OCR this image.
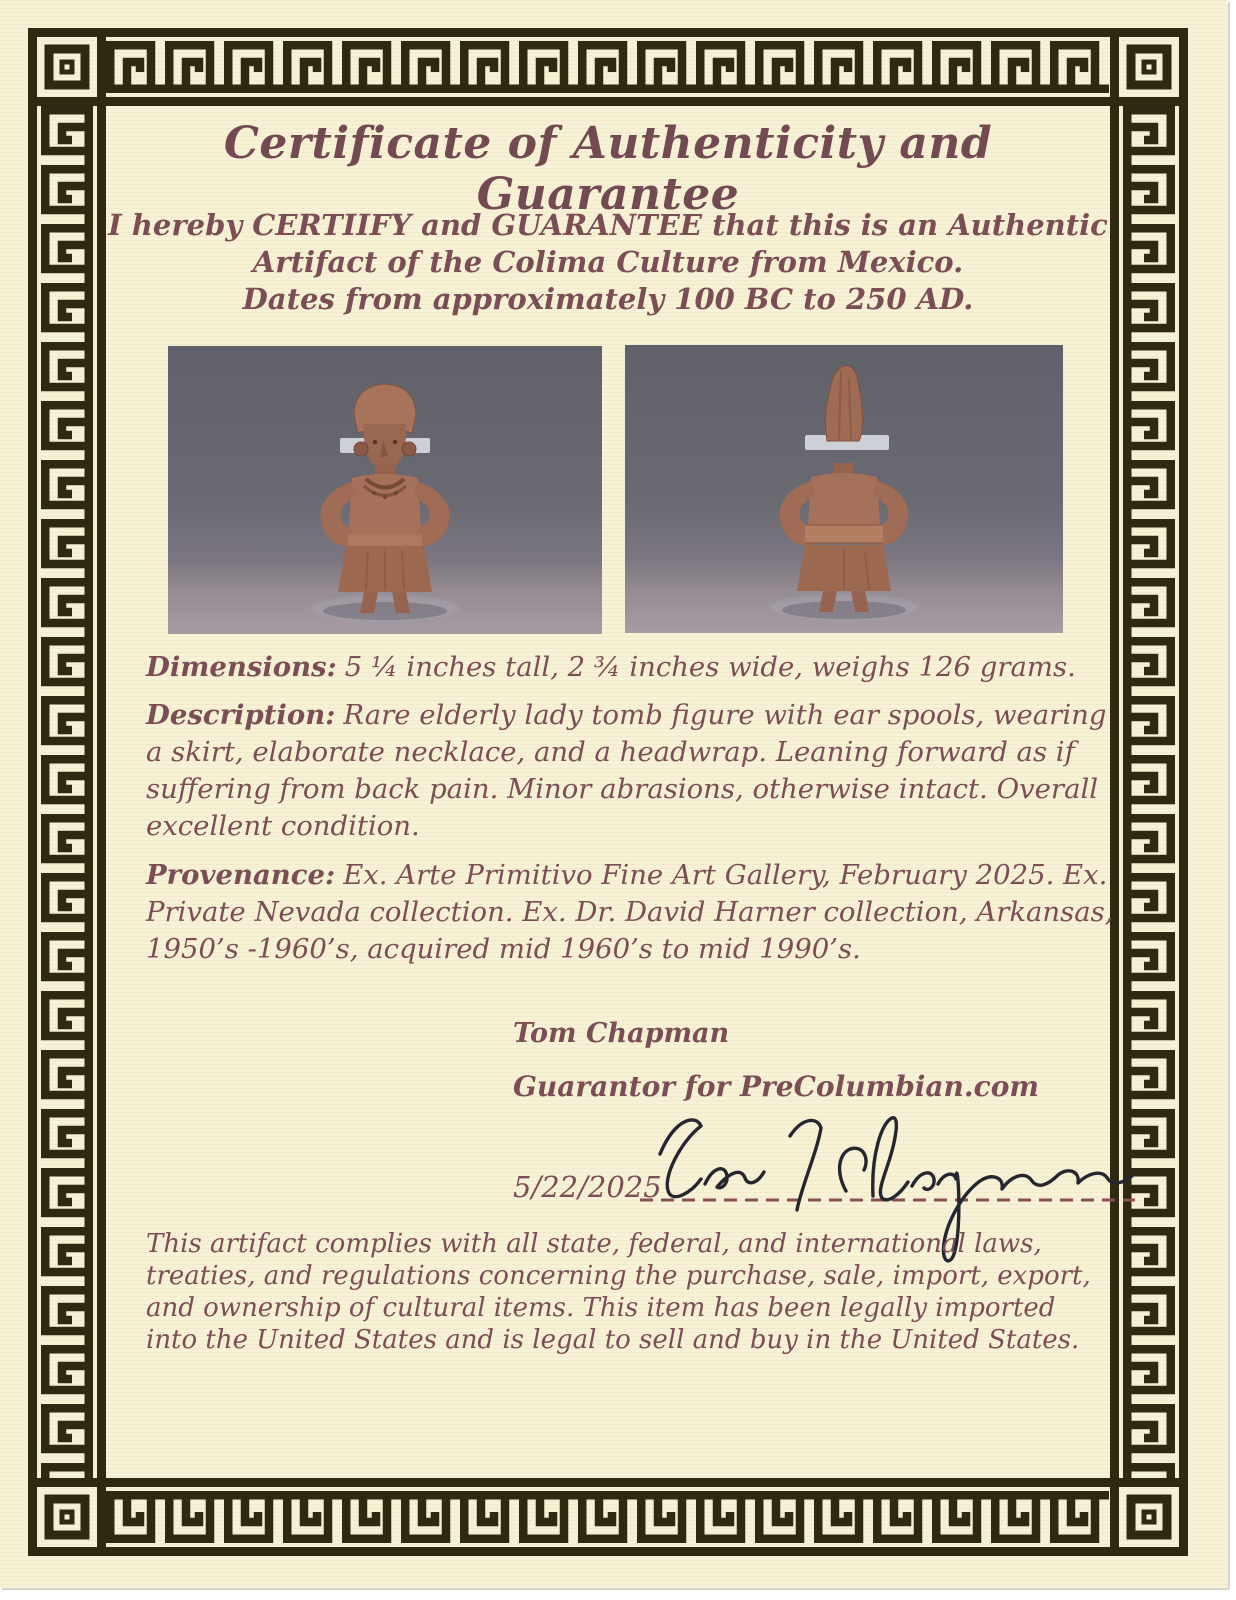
Certificate of Authenticity and Guarantee
I hereby CERTIIFY and GUARANTEE that this is an Authentic
Artifact of the Colima Culture from Mexico.
Dates from approximately 100 BC to 250 AD.

Dimensions: 5 ¼ inches tall, 2 ¾ inches wide, weighs 126 grams.

Description: Rare elderly lady tomb figure with ear spools, wearing a skirt, elaborate necklace, and a headwrap. Leaning forward as if suffering from back pain. Minor abrasions, otherwise intact. Overall excellent condition.

Provenance: Ex. Arte Primitivo Fine Art Gallery, February 2025. Ex. Private Nevada collection. Ex. Dr. David Harner collection, Arkansas, 1950’s -1960’s, acquired mid 1960’s to mid 1990’s.

Tom Chapman

Guarantor for PreColumbian.com

5/22/2025

This artifact complies with all state, federal, and international laws, treaties, and regulations concerning the purchase, sale, import, export, and ownership of cultural items. This item has been legally imported into the United States and is legal to sell and buy in the United States.
